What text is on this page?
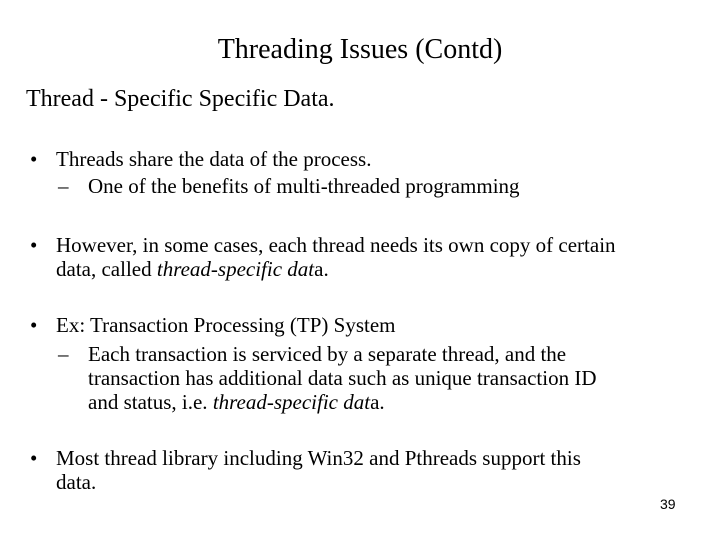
Threading Issues (Contd)
Thread - Specific Specific Data.
• Threads share the data of the process.
– One of the benefits of multi-threaded programming
• However, in some cases, each thread needs its own copy of certain
data, called thread-specific data.
• Ex: Transaction Processing (TP) System
– Each transaction is serviced by a separate thread, and the
transaction has additional data such as unique transaction ID
and status, i.e. thread-specific data.
• Most thread library including Win32 and Pthreads support this
data.
39
